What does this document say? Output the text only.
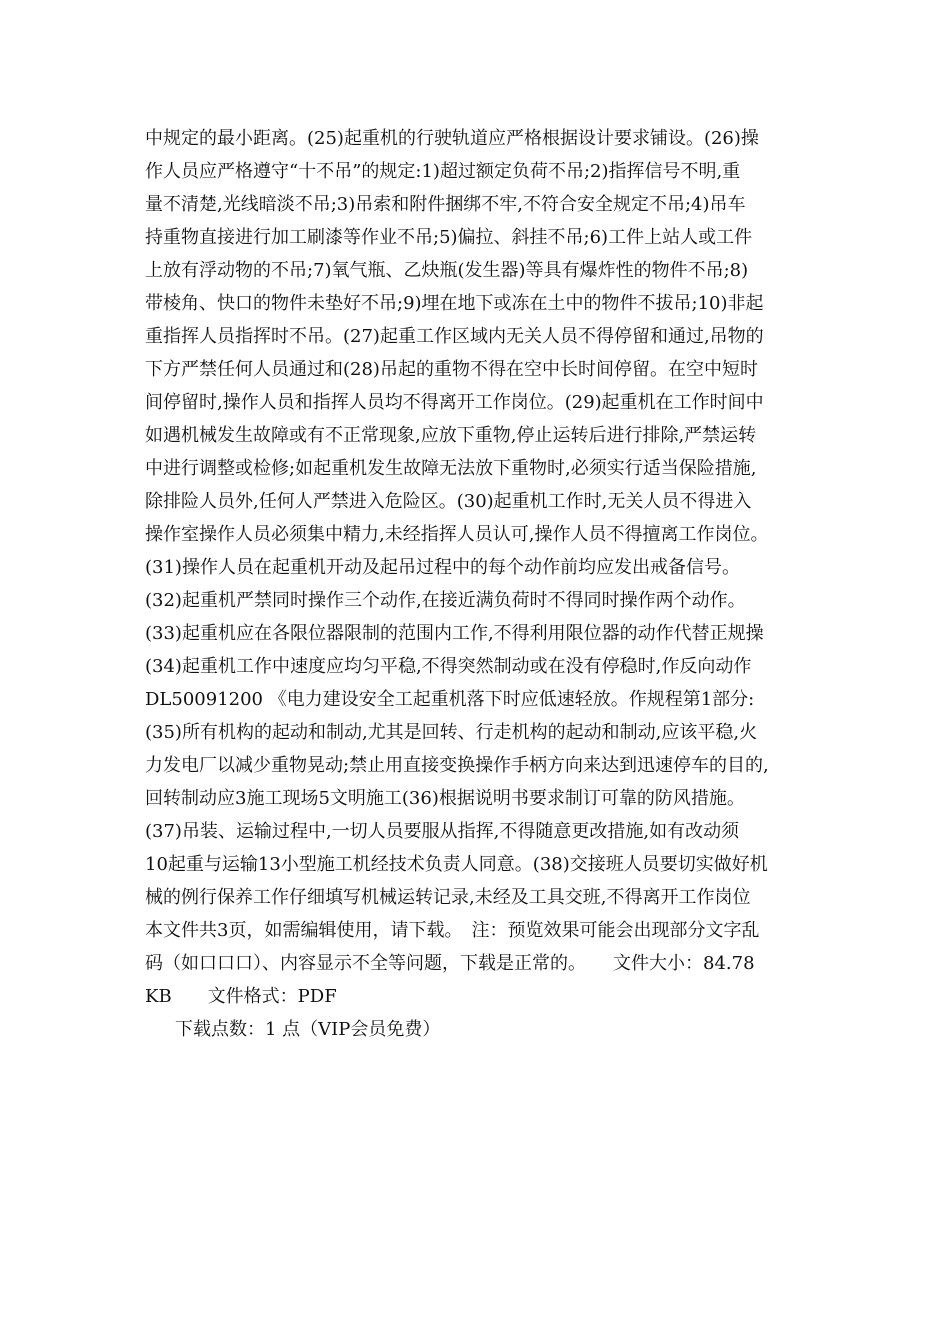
中规定的最小距离。(25)起重机的行驶轨道应严格根据设计要求铺设。(26)操
作人员应严格遵守“十不吊”的规定:1)超过额定负荷不吊;2)指挥信号不明,重
量不清楚,光线暗淡不吊;3)吊索和附件捆绑不牢,不符合安全规定不吊;4)吊车
持重物直接进行加工刷漆等作业不吊;5)偏拉、斜挂不吊;6)工件上站人或工件
上放有浮动物的不吊;7)氧气瓶、乙炔瓶(发生器)等具有爆炸性的物件不吊;8)
带棱角、快口的物件未垫好不吊;9)埋在地下或冻在土中的物件不拔吊;10)非起
重指挥人员指挥时不吊。(27)起重工作区域内无关人员不得停留和通过,吊物的
下方严禁任何人员通过和(28)吊起的重物不得在空中长时间停留。在空中短时
间停留时,操作人员和指挥人员均不得离开工作岗位。(29)起重机在工作时间中
如遇机械发生故障或有不正常现象,应放下重物,停止运转后进行排除,严禁运转
中进行调整或检修;如起重机发生故障无法放下重物时,必须实行适当保险措施,
除排险人员外,任何人严禁进入危险区。(30)起重机工作时,无关人员不得进入
操作室操作人员必须集中精力,未经指挥人员认可,操作人员不得擅离工作岗位。
(31)操作人员在起重机开动及起吊过程中的每个动作前均应发出戒备信号。
(32)起重机严禁同时操作三个动作,在接近满负荷时不得同时操作两个动作。
(33)起重机应在各限位器限制的范围内工作,不得利用限位器的动作代替正规操
(34)起重机工作中速度应均匀平稳,不得突然制动或在没有停稳时,作反向动作
DL50091200 《电力建设安全工起重机落下时应低速轻放。作规程第1部分:
(35)所有机构的起动和制动,尤其是回转、行走机构的起动和制动,应该平稳,火
力发电厂以减少重物晃动;禁止用直接变换操作手柄方向来达到迅速停车的目的,
回转制动应3施工现场5文明施工(36)根据说明书要求制订可靠的防风措施。
(37)吊装、运输过程中,一切人员要服从指挥,不得随意更改措施,如有改动须
10起重与运输13小型施工机经技术负责人同意。(38)交接班人员要切实做好机
械的例行保养工作仔细填写机械运转记录,未经及工具交班,不得离开工作岗位
本文件共3页，如需编辑使用，请下载。　注：预览效果可能会出现部分文字乱
码（如口口口）、内容显示不全等问题，下载是正常的。　　文件大小：84.78
KB　　文件格式：PDF
下载点数：1 点（VIP会员免费）
